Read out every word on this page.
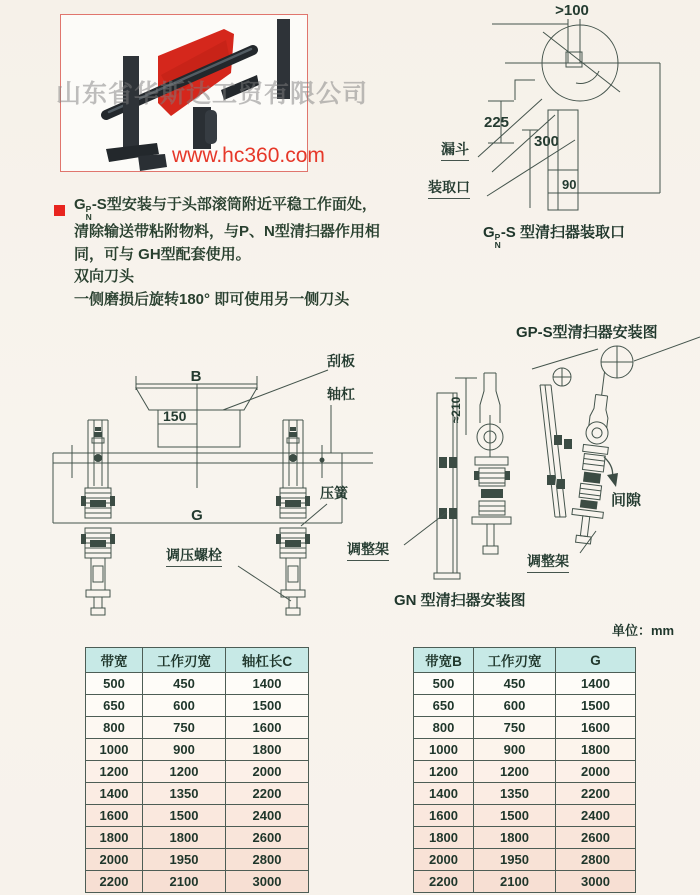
山东省华斯达工贸有限公司
www.hc360.com
>100
225
300
90
漏斗
装取口
G P
N
-S 型清扫器装取口
G P
N
-S型安装与于头部滚筒附近平稳工作面处，
清除输送带粘附物料，与P、N型清扫器作用相
同，可与 GH型配套使用。
双向刀头
一侧磨损后旋转180° 即可使用另一侧刀头
B
150
G
刮板
轴杠
压簧
调压螺栓
≈210
GP-S型清扫器安装图
调整架
调整架
间隙
GN 型清扫器安装图
单位：mm
带宽	工作刃宽	轴杠长C
500	450	1400
650	600	1500
800	750	1600
1000	900	1800
1200	1200	2000
1400	1350	2200
1600	1500	2400
1800	1800	2600
2000	1950	2800
2200	2100	3000
带宽B	工作刃宽	G
500	450	1400
650	600	1500
800	750	1600
1000	900	1800
1200	1200	2000
1400	1350	2200
1600	1500	2400
1800	1800	2600
2000	1950	2800
2200	2100	3000
